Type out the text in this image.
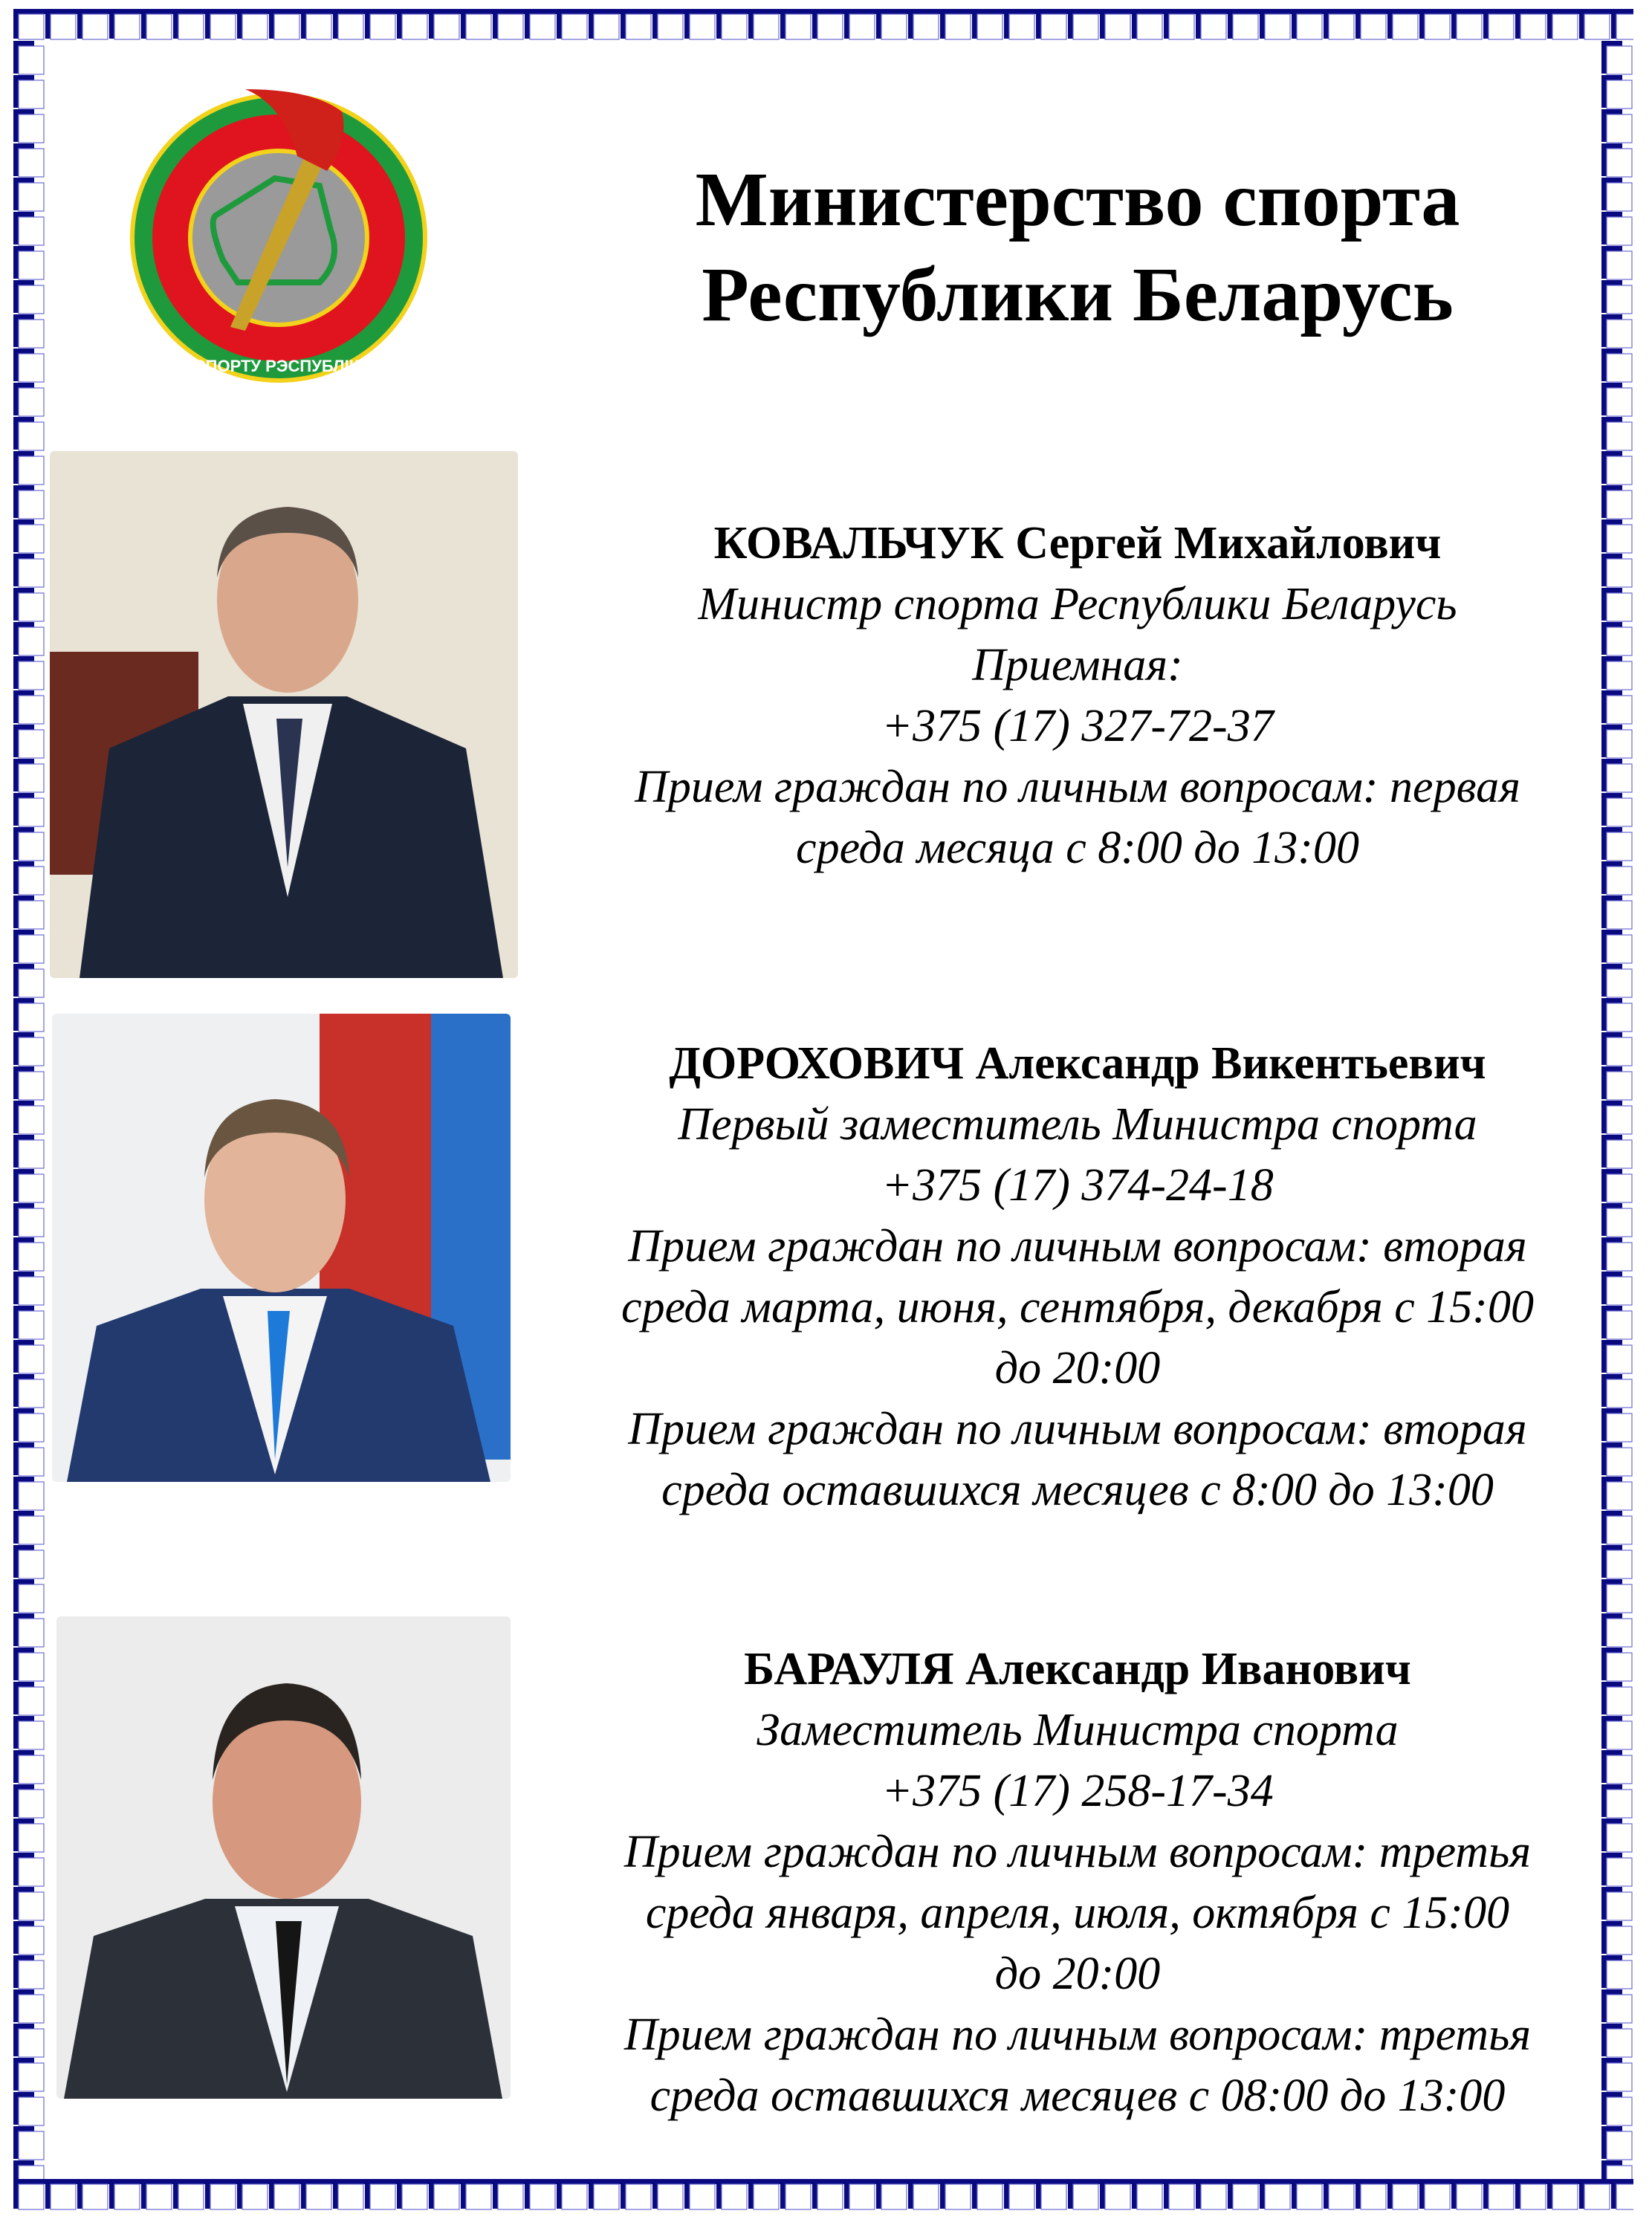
СПОРТУ РЭСПУБЛІКІ
Министерство спорта
Республики Беларусь
КОВАЛЬЧУК Сергей Михайлович
Министр спорта Республики Беларусь
Приемная:
+375 (17) 327-72-37
Прием граждан по личным вопросам: первая
среда месяца с 8:00 до 13:00
ДОРОХОВИЧ Александр Викентьевич
Первый заместитель Министра спорта
+375 (17) 374-24-18
Прием граждан по личным вопросам: вторая
среда марта, июня, сентября, декабря с 15:00
до 20:00
Прием граждан по личным вопросам: вторая
среда оставшихся месяцев с 8:00 до 13:00
БАРАУЛЯ Александр Иванович
Заместитель Министра спорта
+375 (17) 258-17-34
Прием граждан по личным вопросам: третья
среда января, апреля, июля, октября с 15:00
до 20:00
Прием граждан по личным вопросам: третья
среда оставшихся месяцев с 08:00 до 13:00
